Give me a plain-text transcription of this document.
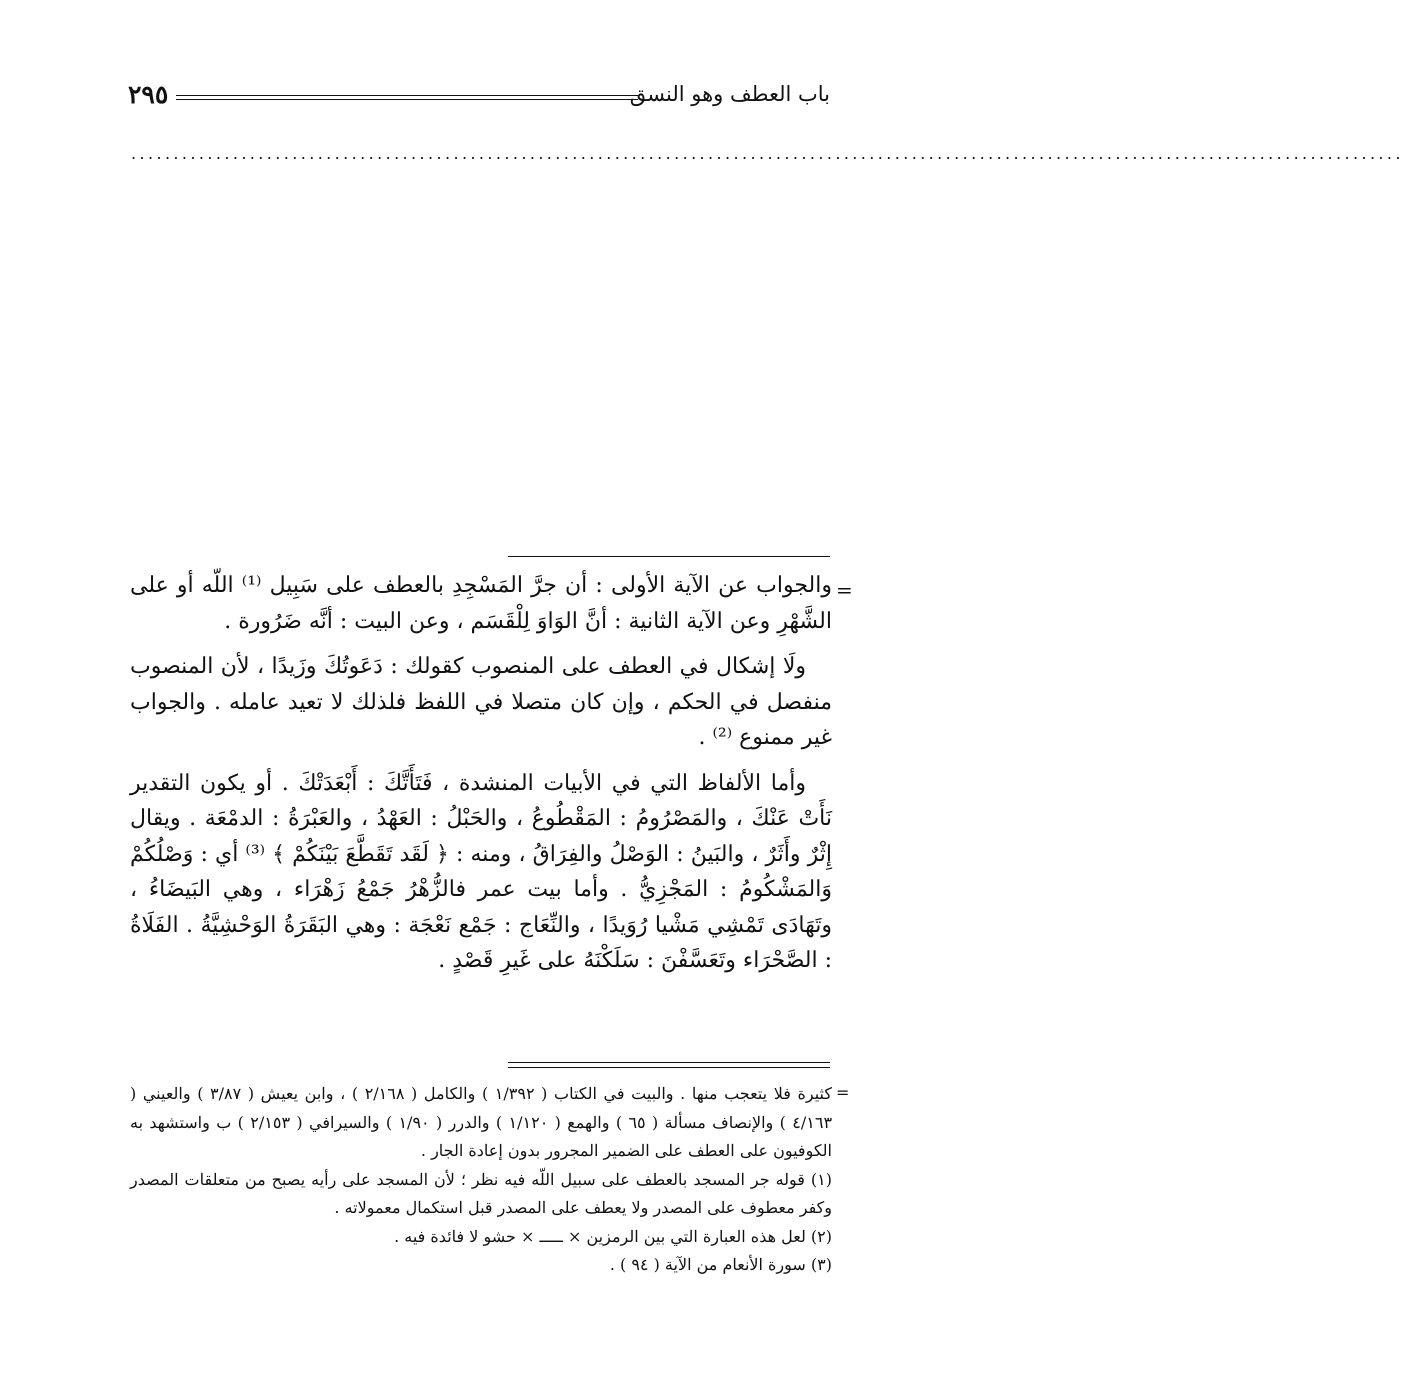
باب العطف وهو النسق
٢٩٥
......................................................................................................................................................
=

والجواب عن الآية الأولى : أن جرَّ المَسْجِدِ بالعطف على سَبِيل ⁽¹⁾ اللّه أو على الشَّهْرِ وعن الآية الثانية : أنَّ الوَاوَ لِلْقَسَم ، وعن البيت : أنَّه ضَرُورة .

ولَا إشكال في العطف على المنصوب كقولك : دَعَوتُكَ وزَيدًا ، لأن المنصوب منفصل في الحكم ، وإن كان متصلا في اللفظ فلذلك لا تعيد عامله . والجواب غير ممنوع ⁽²⁾ .

وأما الألفاظ التي في الأبيات المنشدة ، فَتَأَتَّكَ : أَبْعَدَتْكَ . أو يكون التقدير نَأَتْ عَنْكَ ، والمَصْرُومُ : المَقْطُوعُ ، والحَبْلُ : العَهْدُ ، والعَبْرَةُ : الدمْعَة . ويقال إِثْرٌ وأَثَرٌ ، والبَينُ : الوَصْلُ والفِرَاقُ ، ومنه : ﴿ لَقَد تَقَطَّعَ بَيْنَكُمْ ﴾ ⁽³⁾ أي : وَصْلُكُمْ وَالمَشْكُومُ : المَجْزِيُّ . وأما بيت عمر فالزُّهْرُ جَمْعُ زَهْرَاء ، وهي البَيضَاءُ ، وتَهَادَى تَمْشِي مَشْيا رُوَيدًا ، والنِّعَاج : جَمْع نَعْجَة : وهي البَقَرَةُ الوَحْشِيَّةُ . الفَلَاةُ : الصَّحْرَاء وتَعَسَّفْنَ : سَلَكْنَهُ على غَيرِ قَصْدٍ .

=

كثيرة فلا يتعجب منها . والبيت في الكتاب ( ١/٣٩٢ ) والكامل ( ٢/١٦٨ ) ، وابن يعيش ( ٣/٨٧ ) والعيني ( ٤/١٦٣ ) والإنصاف مسألة ( ٦٥ ) والهمع ( ١/١٢٠ ) والدرر ( ١/٩٠ ) والسيرافي ( ٢/١٥٣ ) ب واستشهد به الكوفيون على العطف على الضمير المجرور بدون إعادة الجار .

(١) قوله جر المسجد بالعطف على سبيل اللّه فيه نظر ؛ لأن المسجد على رأيه يصبح من متعلقات المصدر وكفر معطوف على المصدر ولا يعطف على المصدر قبل استكمال معمولاته .

(٢) لعل هذه العبارة التي بين الرمزين × ـــــ × حشو لا فائدة فيه .

(٣) سورة الأنعام من الآية ( ٩٤ ) .
